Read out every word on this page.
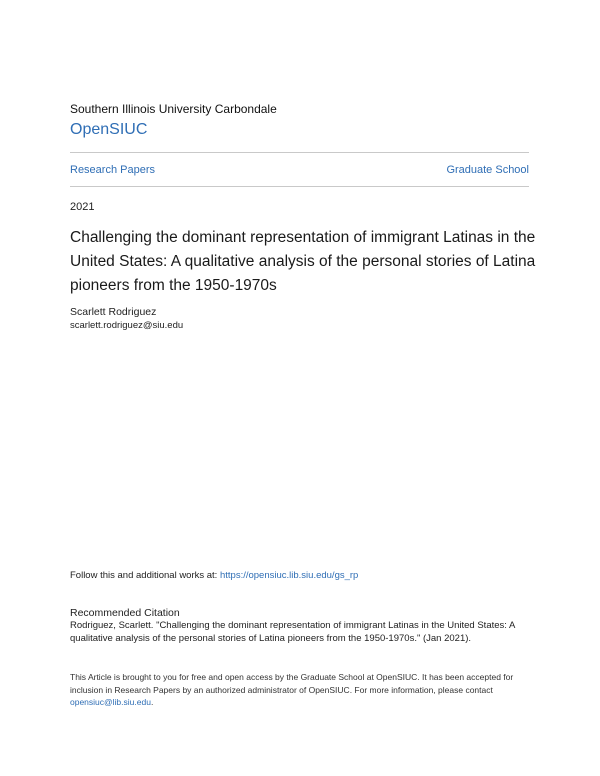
Southern Illinois University Carbondale
OpenSIUC
Research Papers	Graduate School
2021
Challenging the dominant representation of immigrant Latinas in the United States: A qualitative analysis of the personal stories of Latina pioneers from the 1950-1970s
Scarlett Rodriguez
scarlett.rodriguez@siu.edu
Follow this and additional works at: https://opensiuc.lib.siu.edu/gs_rp
Recommended Citation
Rodriguez, Scarlett. "Challenging the dominant representation of immigrant Latinas in the United States: A qualitative analysis of the personal stories of Latina pioneers from the 1950-1970s." (Jan 2021).
This Article is brought to you for free and open access by the Graduate School at OpenSIUC. It has been accepted for inclusion in Research Papers by an authorized administrator of OpenSIUC. For more information, please contact opensiuc@lib.siu.edu.
